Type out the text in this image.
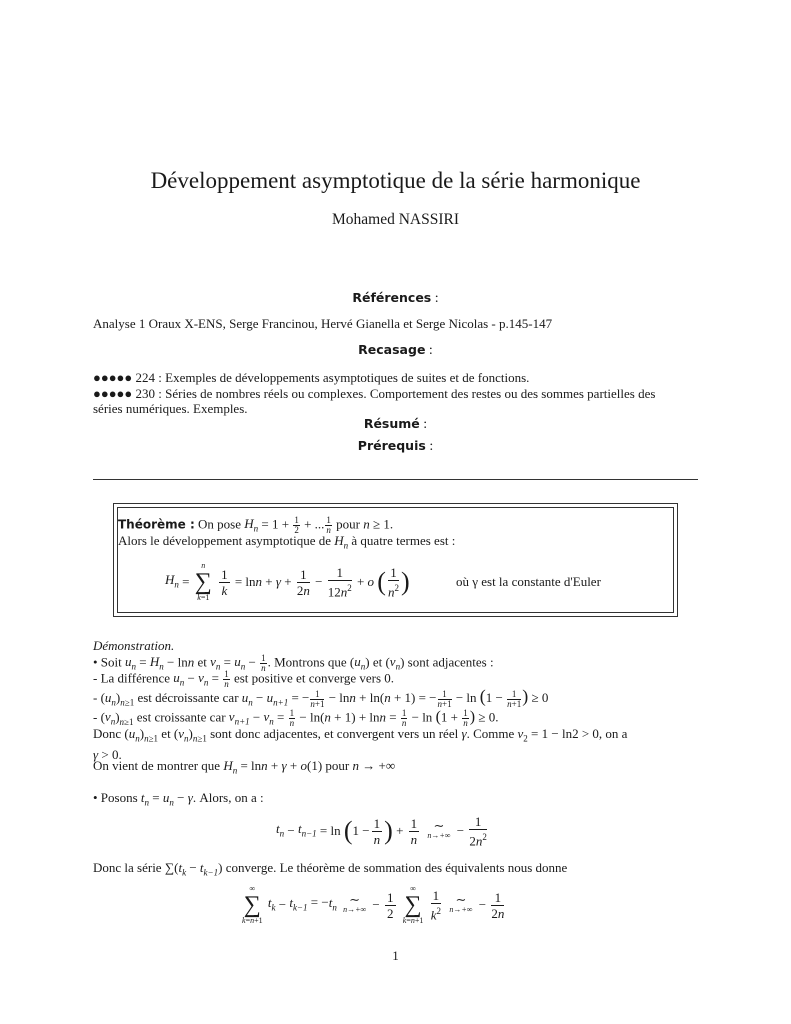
Développement asymptotique de la série harmonique
Mohamed NASSIRI
Références :
Analyse 1 Oraux X-ENS, Serge Francinou, Hervé Gianella et Serge Nicolas - p.145-147
Recasage :
●●●●● 224 : Exemples de développements asymptotiques de suites et de fonctions.
●●●●● 230 : Séries de nombres réels ou complexes. Comportement des restes ou des sommes partielles des
séries numériques. Exemples.
Résumé :
Prérequis :
Théorème : On pose $H_n = 1 + \frac{1}{2}$ + ... $\frac{1}{n}$ pour n ≥ 1.
Alors le développement asymptotique de $H_n$ à quatre termes est :
$H_n$ =
n
∑
k=1
$\frac{1}{k} = \ln n + \gamma + \frac{1}{2n} - \frac{1}{12n^2} + o$ ( $\frac{1}{n^2}$ )	où γ est la constante d'Euler
Démonstration.
• Soit $u_n = H_n - \ln n$ et $v_n = u_n - \frac{1}{n}$ . Montrons que $(u_n)$ et $(v_n)$ sont adjacentes :
- La différence $u_n - v_n = \frac{1}{n}$ est positive et converge vers 0.
- $(u_n)_{n\ge 1}$ est décroissante car $u_n - u_{n+1}$ = − $\frac{1}{n+1} - \ln n + \ln(n + 1)$ = − $\frac{1}{n+1} - \ln (1 - \frac{1}{n+1}$ ) ≥ 0
- $(v_n)_{n\ge 1}$ est croissante car $v_{n+1} - v_n = \frac{1}{n} - \ln(n + 1) + \ln n = \frac{1}{n} - \ln (1 + \frac{1}{n}$ ) ≥ 0.
Donc $(u_n)_{n\ge 1}$ et $(v_n)_{n\ge 1}$ sont donc adjacentes, et convergent vers un réel γ. Comme $v_2 = 1 - \ln 2 > 0$, on a
γ > 0.
On vient de montrer que $H_n = \ln n + \gamma + o(1)$ pour n → +∞
• Posons $t_n = u_n - \gamma$. Alors, on a :
$t_n - t_{n-1} = \ln (1 - \frac{1}{n}$ ) + $\frac{1}{n}$
	∼
$n\to+\infty - \frac{1}{2n^2}$
Donc la série $\sum(t_k - t_{k-1})$ converge. Le théorème de sommation des équivalents nous donne
∞
∑
k=n+1
$t_k - t_{k-1} = -t_n$
∼
$n\to+\infty - \frac{1}{2}$

∞
∑
k=n+1
$\frac{1}{k^2}$
	∼
$n\to+\infty - \frac{1}{2n}$
1
